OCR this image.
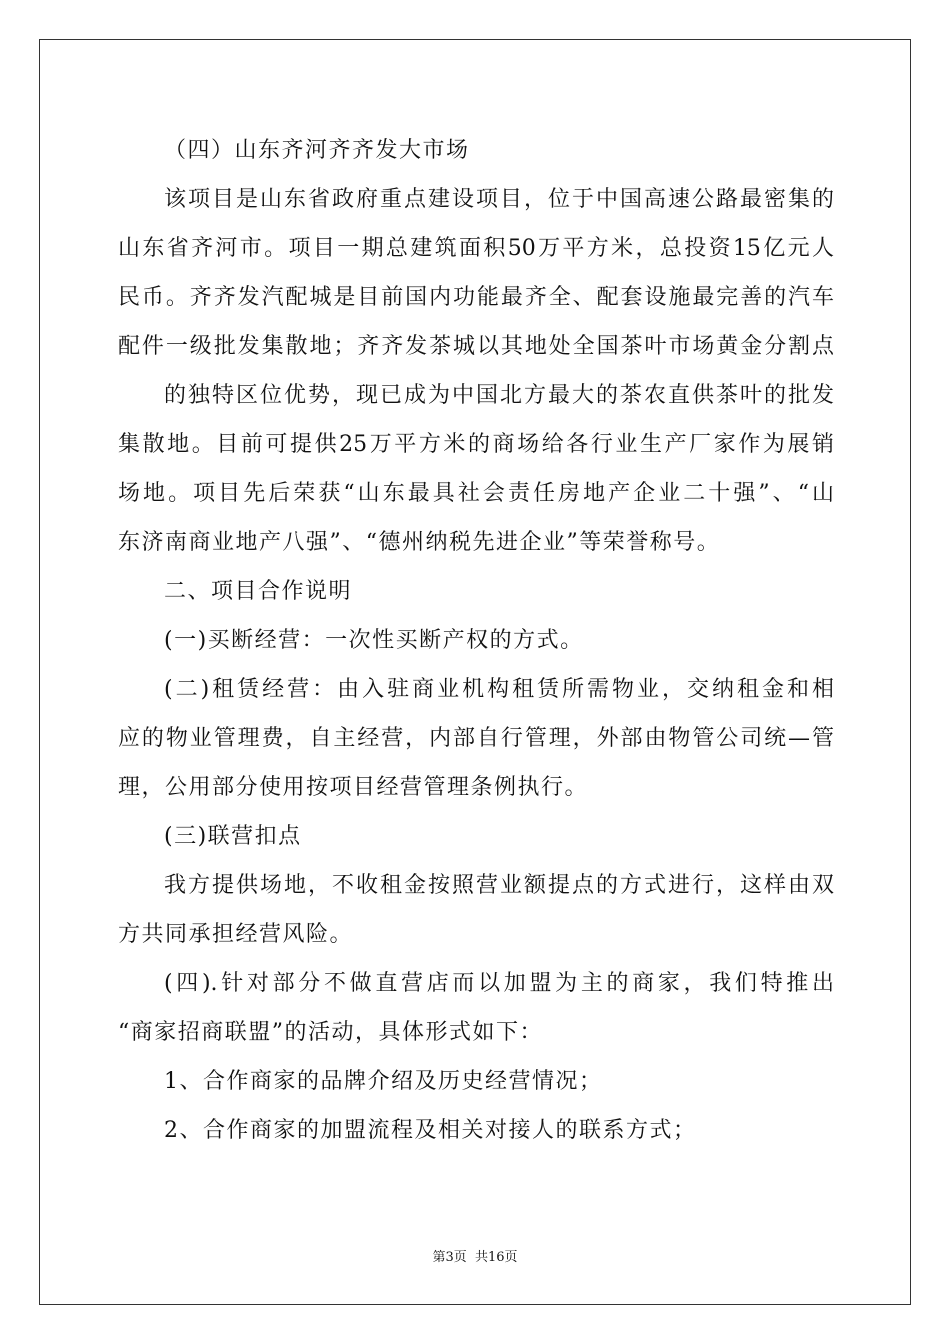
（四）山东齐河齐齐发大市场
该项目是山东省政府重点建设项目，位于中国高速公路最密集的
山东省齐河市。项目一期总建筑面积50万平方米，总投资15亿元人
民币。齐齐发汽配城是目前国内功能最齐全、配套设施最完善的汽车
配件一级批发集散地；齐齐发茶城以其地处全国茶叶市场黄金分割点
的独特区位优势，现已成为中国北方最大的茶农直供茶叶的批发
集散地。目前可提供25万平方米的商场给各行业生产厂家作为展销
场地。项目先后荣获“山东最具社会责任房地产企业二十强”、“山
东济南商业地产八强”、“德州纳税先进企业”等荣誉称号。
二、项目合作说明
(一)买断经营：一次性买断产权的方式。
(二)租赁经营：由入驻商业机构租赁所需物业，交纳租金和相
应的物业管理费，自主经营，内部自行管理，外部由物管公司统—管
理，公用部分使用按项目经营管理条例执行。
(三)联营扣点
我方提供场地，不收租金按照营业额提点的方式进行，这样由双
方共同承担经营风险。
(四).针对部分不做直营店而以加盟为主的商家，我们特推出
“商家招商联盟”的活动，具体形式如下：
1、合作商家的品牌介绍及历史经营情况；
2、合作商家的加盟流程及相关对接人的联系方式；
第3页 共16页
